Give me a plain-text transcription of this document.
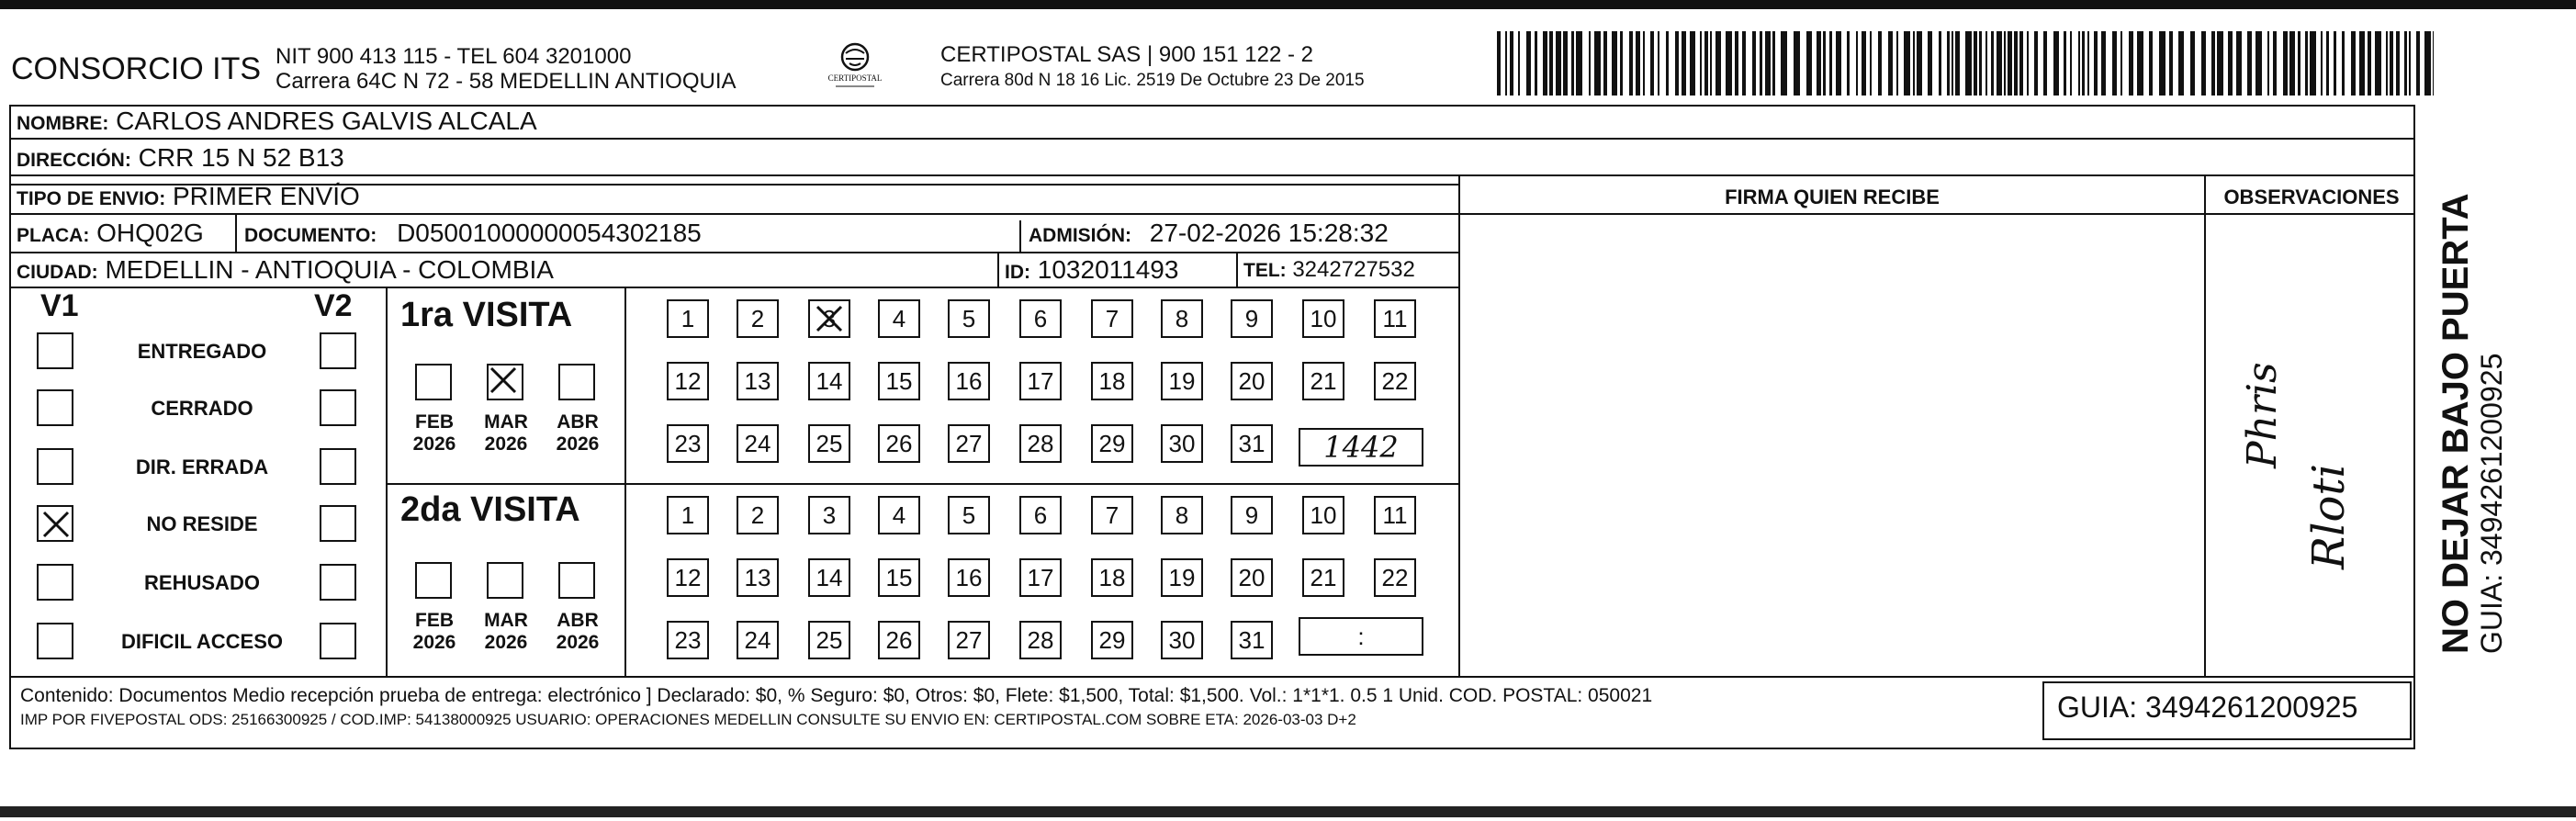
CONSORCIO ITS NIT 900 413 115 - TEL 604 3201000
Carrera 64C N 72 - 58 MEDELLIN ANTIOQUIA	CERTIPOSTAL
CERTIPOSTAL SAS | 900 151 122 - 2
Carrera 80d N 18 16 Lic. 2519 De Octubre 23 De 2015
NOMBRE: CARLOS ANDRES GALVIS ALCALA
DIRECCIÓN: CRR 15 N 52 B13
TIPO DE ENVIO: PRIMER ENVÍO
PLACA: OHQ02G DOCUMENTO: D05001000000054302185	ADMISIÓN: 27-02-2026 15:28:32
CIUDAD: MEDELLIN - ANTIOQUIA - COLOMBIA	ID: 1032011493	TEL: 3242727532
FIRMA QUIEN RECIBE	OBSERVACIONES
Phris
Rloti
V1	V2
ENTREGADO
CERRADO
DIR. ERRADA
NO RESIDE
REHUSADO
DIFICIL ACCESO
1ra VISITA
2da VISITA
FEB
2026
MAR
2026
ABR
2026
FEB
2026
MAR
2026
ABR
2026
1	2	3	4	5	6	7	8	9	10	11
12	13	14	15	16	17	18	19	20	21	22
23	24	25	26	27	28	29	30	31
1	2	3	4	5	6	7	8	9	10	11
12	13	14	15	16	17	18	19	20	21	22
23	24	25	26	27	28	29	30	31
1442
:
Contenido: Documentos Medio recepción prueba de entrega: electrónico ] Declarado: $0, % Seguro: $0, Otros: $0, Flete: $1,500, Total: $1,500. Vol.: 1*1*1. 0.5 1 Unid. COD. POSTAL: 050021
IMP POR FIVEPOSTAL ODS: 25166300925 / COD.IMP: 54138000925 USUARIO: OPERACIONES MEDELLIN CONSULTE SU ENVIO EN: CERTIPOSTAL.COM SOBRE ETA: 2026-03-03 D+2	GUIA: 3494261200925
NO DEJAR BAJO PUERTA GUIA: 3494261200925
